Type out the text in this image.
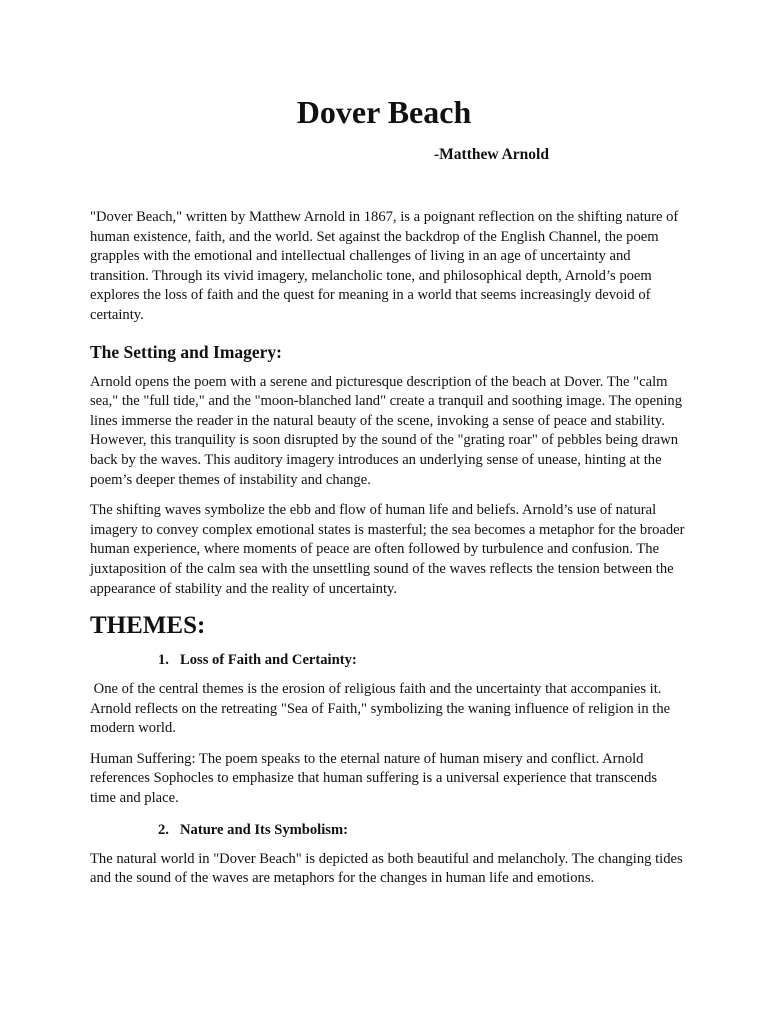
Dover Beach
-Matthew Arnold

"Dover Beach," written by Matthew Arnold in 1867, is a poignant reflection on the shifting nature of human existence, faith, and the world. Set against the backdrop of the English Channel, the poem grapples with the emotional and intellectual challenges of living in an age of uncertainty and transition. Through its vivid imagery, melancholic tone, and philosophical depth, Arnold’s poem explores the loss of faith and the quest for meaning in a world that seems increasingly devoid of certainty.

The Setting and Imagery:

Arnold opens the poem with a serene and picturesque description of the beach at Dover. The "calm sea," the "full tide," and the "moon-blanched land" create a tranquil and soothing image. The opening lines immerse the reader in the natural beauty of the scene, invoking a sense of peace and stability. However, this tranquility is soon disrupted by the sound of the "grating roar" of pebbles being drawn back by the waves. This auditory imagery introduces an underlying sense of unease, hinting at the poem’s deeper themes of instability and change.

The shifting waves symbolize the ebb and flow of human life and beliefs. Arnold’s use of natural imagery to convey complex emotional states is masterful; the sea becomes a metaphor for the broader human experience, where moments of peace are often followed by turbulence and confusion. The juxtaposition of the calm sea with the unsettling sound of the waves reflects the tension between the appearance of stability and the reality of uncertainty.

THEMES:
1. Loss of Faith and Certainty:

One of the central themes is the erosion of religious faith and the uncertainty that accompanies it. Arnold reflects on the retreating "Sea of Faith," symbolizing the waning influence of religion in the modern world.

Human Suffering: The poem speaks to the eternal nature of human misery and conflict. Arnold references Sophocles to emphasize that human suffering is a universal experience that transcends time and place.

2. Nature and Its Symbolism:

The natural world in "Dover Beach" is depicted as both beautiful and melancholy. The changing tides and the sound of the waves are metaphors for the changes in human life and emotions.
